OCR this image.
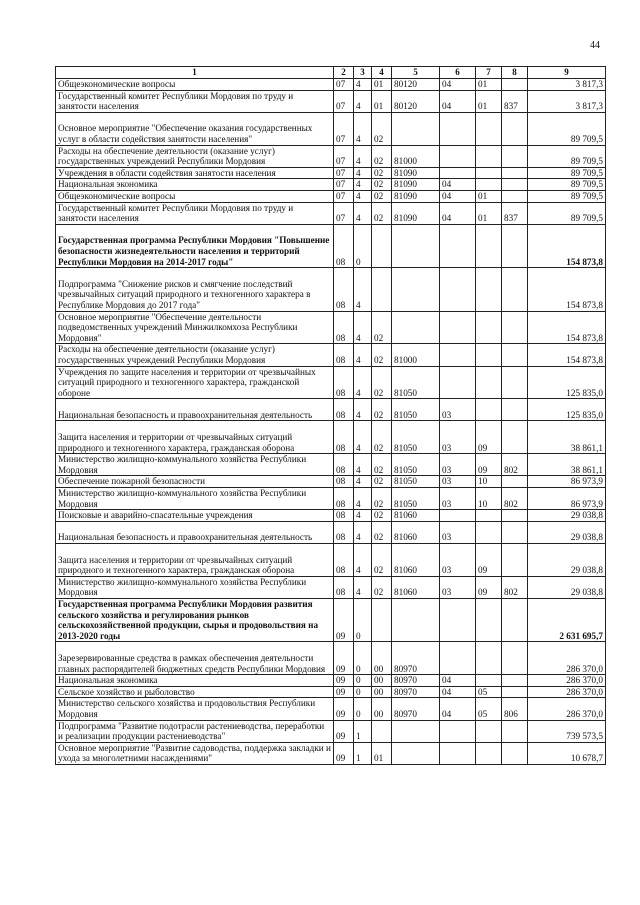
44
1	2	3	4	5	6	7	8	9
Общеэкономические вопросы	07	4	01	80120	04	01		3 817,3
Государственный комитет Республики Мордовия по труду и занятости населения	07	4	01	80120	04	01	837	3 817,3
Основное мероприятие "Обеспечение оказания государственных услуг в области содействия занятости населения"	07	4	02					89 709,5
Расходы на обеспечение деятельности (оказание услуг) государственных учреждений Республики Мордовия	07	4	02	81000				89 709,5
Учреждения в области содействия занятости населения	07	4	02	81090				89 709,5
Национальная экономика	07	4	02	81090	04			89 709,5
Общеэкономические вопросы	07	4	02	81090	04	01		89 709,5
Государственный комитет Республики Мордовия по труду и занятости населения	07	4	02	81090	04	01	837	89 709,5
Государственная программа Республики Мордовия "Повышение безопасности жизнедеятельности населения и территорий Республики Мордовия на 2014-2017 годы"	08	0						154 873,8
Подпрограмма "Снижение рисков и смягчение последствий чрезвычайных ситуаций природного и техногенного характера в Республике Мордовия до 2017 года"	08	4						154 873,8
Основное мероприятие "Обеспечение деятельности подведомственных учреждений Минжилкомхоза Республики Мордовия"	08	4	02					154 873,8
Расходы на обеспечение деятельности (оказание услуг) государственных учреждений Республики Мордовия	08	4	02	81000				154 873,8
Учреждения по защите населения и территории от чрезвычайных ситуаций природного и техногенного характера, гражданской обороне	08	4	02	81050				125 835,0
Национальная безопасность и правоохранительная деятельность	08	4	02	81050	03			125 835,0
Защита населения и территории от чрезвычайных ситуаций природного и техногенного характера, гражданская оборона	08	4	02	81050	03	09		38 861,1
Министерство жилищно-коммунального хозяйства Республики Мордовия	08	4	02	81050	03	09	802	38 861,1
Обеспечение пожарной безопасности	08	4	02	81050	03	10		86 973,9
Министерство жилищно-коммунального хозяйства Республики Мордовия	08	4	02	81050	03	10	802	86 973,9
Поисковые и аварийно-спасательные учреждения	08	4	02	81060				29 038,8
Национальная безопасность и правоохранительная деятельность	08	4	02	81060	03			29 038,8
Защита населения и территории от чрезвычайных ситуаций природного и техногенного характера, гражданская оборона	08	4	02	81060	03	09		29 038,8
Министерство жилищно-коммунального хозяйства Республики Мордовия	08	4	02	81060	03	09	802	29 038,8
Государственная программа Республики Мордовия развития сельского хозяйства и регулирования рынков сельскохозяйственной продукции, сырья и продовольствия на 2013-2020 годы	09	0						2 631 695,7
Зарезервированные средства в рамках обеспечения деятельности главных распорядителей бюджетных средств Республики Мордовия	09	0	00	80970				286 370,0
Национальная экономика	09	0	00	80970	04			286 370,0
Сельское хозяйство и рыболовство	09	0	00	80970	04	05		286 370,0
Министерство сельского хозяйства и продовольствия Республики Мордовия	09	0	00	80970	04	05	806	286 370,0
Подпрограмма "Развитие подотрасли растениеводства, переработки и реализации продукции растениеводства"	09	1						739 573,5
Основное мероприятие "Развитие садоводства, поддержка закладки и ухода за многолетними насаждениями"	09	1	01					10 678,7
